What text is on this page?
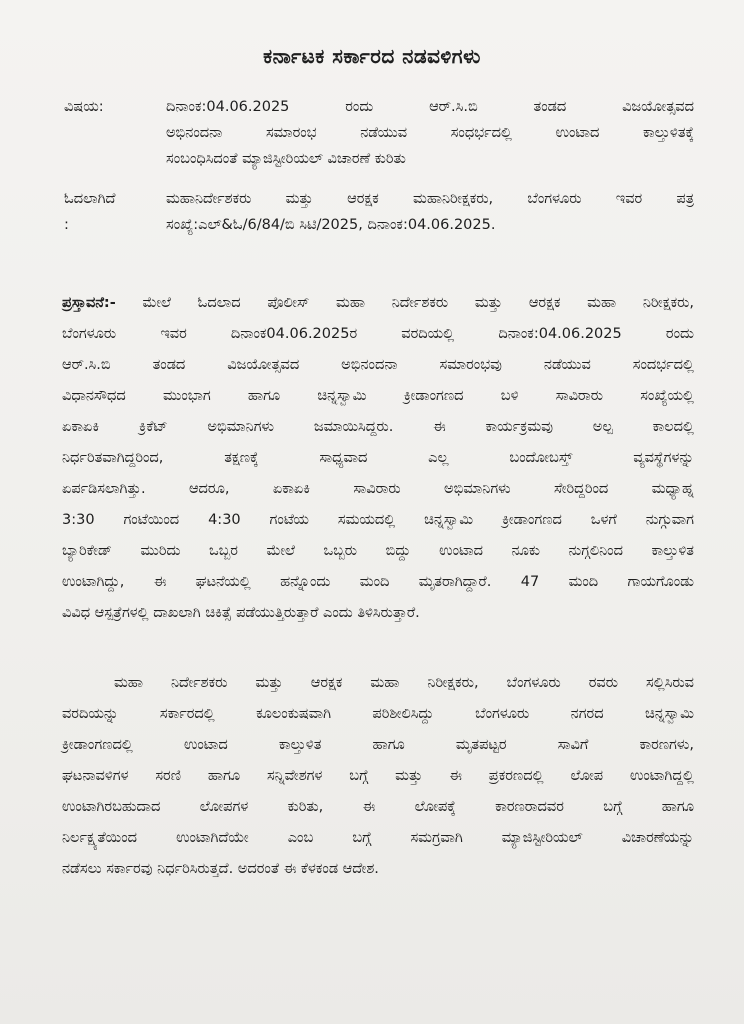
ಕರ್ನಾಟಕ ಸರ್ಕಾರದ ನಡವಳಿಗಳು
ವಿಷಯ:	ದಿನಾಂಕ:04.06.2025 ರಂದು ಆರ್.ಸಿ.ಬಿ ತಂಡದ ವಿಜಯೋತ್ಸವದ
ಅಭಿನಂದನಾ ಸಮಾರಂಭ ನಡೆಯುವ ಸಂಧರ್ಭದಲ್ಲಿ ಉಂಟಾದ ಕಾಲ್ತುಳಿತಕ್ಕೆ
ಸಂಬಂಧಿಸಿದಂತೆ ಮ್ಯಾಜಿಸ್ಟೀರಿಯಲ್ ವಿಚಾರಣೆ ಕುರಿತು
ಓದಲಾಗಿದೆ
:
ಮಹಾನಿರ್ದೇಶಕರು ಮತ್ತು ಆರಕ್ಷಕ ಮಹಾನಿರೀಕ್ಷಕರು, ಬೆಂಗಳೂರು ಇವರ ಪತ್ರ
ಸಂಖ್ಯೆ:ಎಲ್&ಓ/6/84/ಬಿ ಸಿಟಿ/2025, ದಿನಾಂಕ:04.06.2025.
ಪ್ರಸ್ತಾವನೆ:- ಮೇಲೆ ಓದಲಾದ ಪೊಲೀಸ್ ಮಹಾ ನಿರ್ದೇಶಕರು ಮತ್ತು ಆರಕ್ಷಕ ಮಹಾ ನಿರೀಕ್ಷಕರು,
ಬೆಂಗಳೂರು ಇವರ ದಿನಾಂಕ04.06.2025ರ ವರದಿಯಲ್ಲಿ ದಿನಾಂಕ:04.06.2025 ರಂದು
ಆರ್.ಸಿ.ಬಿ ತಂಡದ ವಿಜಯೋತ್ಸವದ ಅಭಿನಂದನಾ ಸಮಾರಂಭವು ನಡೆಯುವ ಸಂದರ್ಭದಲ್ಲಿ
ವಿಧಾನಸೌಧದ ಮುಂಭಾಗ ಹಾಗೂ ಚಿನ್ನಸ್ವಾಮಿ ಕ್ರೀಡಾಂಗಣದ ಬಳಿ ಸಾವಿರಾರು ಸಂಖ್ಯೆಯಲ್ಲಿ
ಏಕಾಏಕಿ ಕ್ರಿಕೆಟ್ ಅಭಿಮಾನಿಗಳು ಜಮಾಯಿಸಿದ್ದರು. ಈ ಕಾರ್ಯಕ್ರಮವು ಅಲ್ಪ ಕಾಲದಲ್ಲಿ
ನಿರ್ಧರಿತವಾಗಿದ್ದರಿಂದ, ತಕ್ಷಣಕ್ಕೆ ಸಾಧ್ಯವಾದ ಎಲ್ಲ ಬಂದೋಬಸ್ತ್ ವ್ಯವಸ್ಥೆಗಳನ್ನು
ಏರ್ಪಡಿಸಲಾಗಿತ್ತು. ಆದರೂ, ಏಕಾಏಕಿ ಸಾವಿರಾರು ಅಭಿಮಾನಿಗಳು ಸೇರಿದ್ದರಿಂದ ಮಧ್ಯಾಹ್ನ
3:30 ಗಂಟೆಯಿಂದ 4:30 ಗಂಟೆಯ ಸಮಯದಲ್ಲಿ ಚಿನ್ನಸ್ವಾಮಿ ಕ್ರೀಡಾಂಗಣದ ಒಳಗೆ ನುಗ್ಗುವಾಗ
ಬ್ಯಾರಿಕೇಡ್ ಮುರಿದು ಒಬ್ಬರ ಮೇಲೆ ಒಬ್ಬರು ಬಿದ್ದು ಉಂಟಾದ ನೂಕು ನುಗ್ಗಲಿನಿಂದ ಕಾಲ್ತುಳಿತ
ಉಂಟಾಗಿದ್ದು, ಈ ಘಟನೆಯಲ್ಲಿ ಹನ್ನೊಂದು ಮಂದಿ ಮೃತರಾಗಿದ್ದಾರೆ. 47 ಮಂದಿ ಗಾಯಗೊಂಡು
ವಿವಿಧ ಆಸ್ಪತ್ರೆಗಳಲ್ಲಿ ದಾಖಲಾಗಿ ಚಿಕಿತ್ಸೆ ಪಡೆಯುತ್ತಿರುತ್ತಾರೆ ಎಂದು ತಿಳಿಸಿರುತ್ತಾರೆ.
ಮಹಾ ನಿರ್ದೇಶಕರು ಮತ್ತು ಆರಕ್ಷಕ ಮಹಾ ನಿರೀಕ್ಷಕರು, ಬೆಂಗಳೂರು ರವರು ಸಲ್ಲಿಸಿರುವ
ವರದಿಯನ್ನು ಸರ್ಕಾರದಲ್ಲಿ ಕೂಲಂಕುಷವಾಗಿ ಪರಿಶೀಲಿಸಿದ್ದು ಬೆಂಗಳೂರು ನಗರದ ಚಿನ್ನಸ್ವಾಮಿ
ಕ್ರೀಡಾಂಗಣದಲ್ಲಿ ಉಂಟಾದ ಕಾಲ್ತುಳಿತ ಹಾಗೂ ಮೃತಪಟ್ಟರ ಸಾವಿಗೆ ಕಾರಣಗಳು,
ಘಟನಾವಳಿಗಳ ಸರಣಿ ಹಾಗೂ ಸನ್ನಿವೇಶಗಳ ಬಗ್ಗೆ ಮತ್ತು ಈ ಪ್ರಕರಣದಲ್ಲಿ ಲೋಪ ಉಂಟಾಗಿದ್ದಲ್ಲಿ
ಉಂಟಾಗಿರಬಹುದಾದ ಲೋಪಗಳ ಕುರಿತು, ಈ ಲೋಪಕ್ಕೆ ಕಾರಣರಾದವರ ಬಗ್ಗೆ ಹಾಗೂ
ನಿರ್ಲಕ್ಷ್ಯತೆಯಿಂದ ಉಂಟಾಗಿದೆಯೇ ಎಂಬ ಬಗ್ಗೆ ಸಮಗ್ರವಾಗಿ ಮ್ಯಾಜಿಸ್ಟೀರಿಯಲ್ ವಿಚಾರಣೆಯನ್ನು
ನಡೆಸಲು ಸರ್ಕಾರವು ನಿರ್ಧರಿಸಿರುತ್ತದೆ. ಅದರಂತೆ ಈ ಕೆಳಕಂಡ ಆದೇಶ.
